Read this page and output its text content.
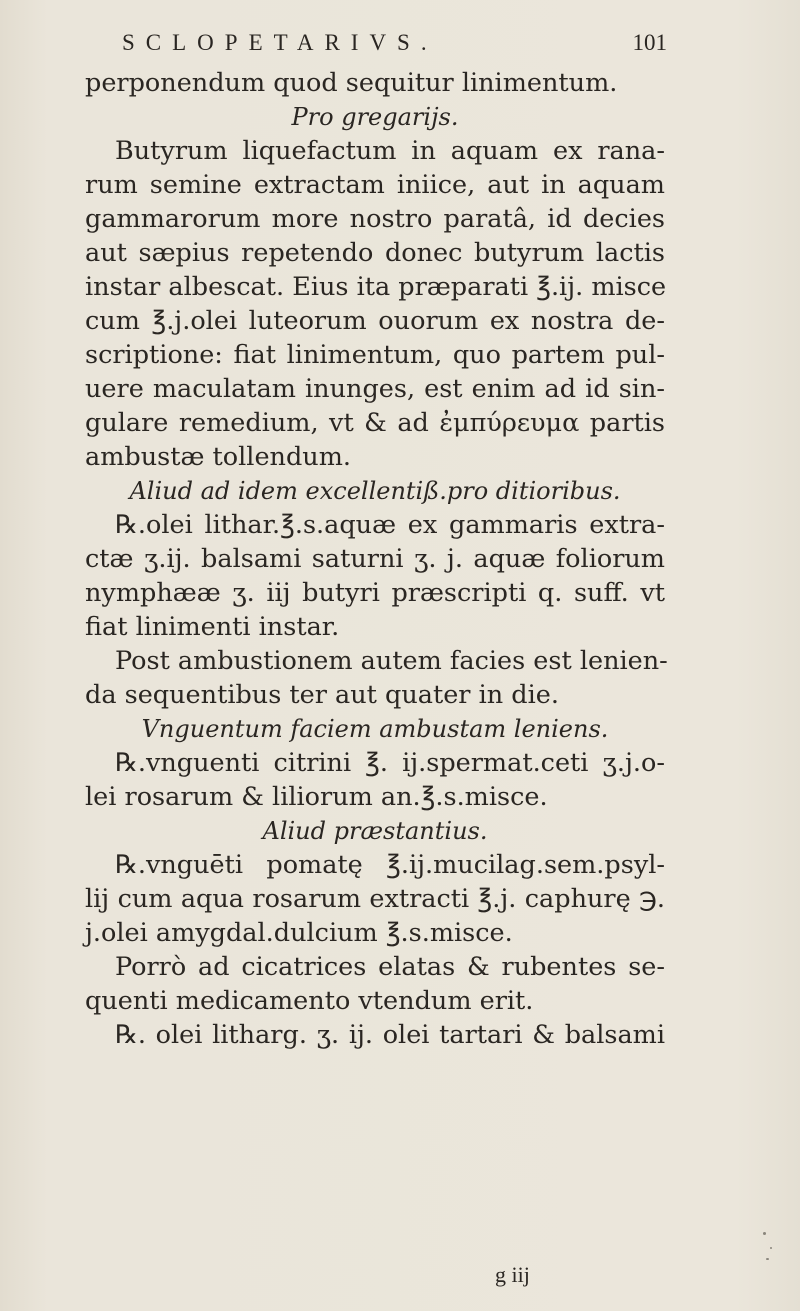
SCLOPETARIVS.	101
perponendum quod sequitur linimentum.
Pro gregarijs.
Butyrum liquefactum in aquam ex rana-
rum semine extractam iniice, aut in aquam
gammarorum more nostro paratâ, id decies
aut sæpius repetendo donec butyrum lactis
instar albescat. Eius ita præparati ℥.ij. misce
cum ℥.j.olei luteorum ouorum ex nostra de-
scriptione: fiat linimentum, quo partem pul-
uere maculatam inunges, est enim ad id sin-
gulare remedium, vt & ad ἐμπύρευμα partis
ambustæ tollendum.
Aliud ad idem excellentiß.pro ditioribus.
℞.olei lithar.℥.s.aquæ ex gammaris extra-
ctæ ʒ.ij. balsami saturni ʒ. j. aquæ foliorum
nymphææ ʒ. iij butyri præscripti q. suff. vt
fiat linimenti instar.
Post ambustionem autem facies est lenien-
da sequentibus ter aut quater in die.
Vnguentum faciem ambustam leniens.
℞.vnguenti citrini ℥. ij.spermat.ceti ʒ.j.o-
lei rosarum & liliorum an.℥.s.misce.
Aliud præstantius.
℞.vnguēti pomatę ℥.ij.mucilag.sem.psyl-
lij cum aqua rosarum extracti ℥.j. caphurę ℈.
j.olei amygdal.dulcium ℥.s.misce.
Porrò ad cicatrices elatas & rubentes se-
quenti medicamento vtendum erit.
℞. olei litharg. ʒ. ij. olei tartari & balsami
g iij
